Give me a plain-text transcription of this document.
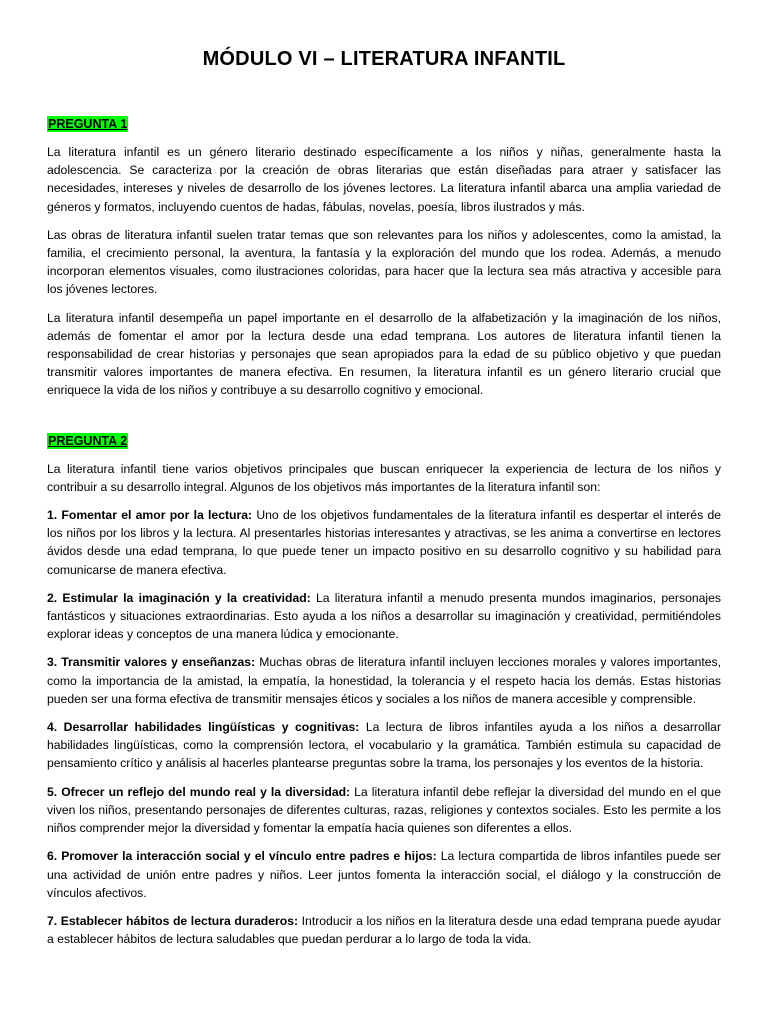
MÓDULO VI – LITERATURA INFANTIL
PREGUNTA 1

La literatura infantil es un género literario destinado específicamente a los niños y niñas, generalmente hasta la adolescencia. Se caracteriza por la creación de obras literarias que están diseñadas para atraer y satisfacer las necesidades, intereses y niveles de desarrollo de los jóvenes lectores. La literatura infantil abarca una amplia variedad de géneros y formatos, incluyendo cuentos de hadas, fábulas, novelas, poesía, libros ilustrados y más.

Las obras de literatura infantil suelen tratar temas que son relevantes para los niños y adolescentes, como la amistad, la familia, el crecimiento personal, la aventura, la fantasía y la exploración del mundo que los rodea. Además, a menudo incorporan elementos visuales, como ilustraciones coloridas, para hacer que la lectura sea más atractiva y accesible para los jóvenes lectores.

La literatura infantil desempeña un papel importante en el desarrollo de la alfabetización y la imaginación de los niños, además de fomentar el amor por la lectura desde una edad temprana. Los autores de literatura infantil tienen la responsabilidad de crear historias y personajes que sean apropiados para la edad de su público objetivo y que puedan transmitir valores importantes de manera efectiva. En resumen, la literatura infantil es un género literario crucial que enriquece la vida de los niños y contribuye a su desarrollo cognitivo y emocional.

PREGUNTA 2

La literatura infantil tiene varios objetivos principales que buscan enriquecer la experiencia de lectura de los niños y contribuir a su desarrollo integral. Algunos de los objetivos más importantes de la literatura infantil son:

1. Fomentar el amor por la lectura: Uno de los objetivos fundamentales de la literatura infantil es despertar el interés de los niños por los libros y la lectura. Al presentarles historias interesantes y atractivas, se les anima a convertirse en lectores ávidos desde una edad temprana, lo que puede tener un impacto positivo en su desarrollo cognitivo y su habilidad para comunicarse de manera efectiva.

2. Estimular la imaginación y la creatividad: La literatura infantil a menudo presenta mundos imaginarios, personajes fantásticos y situaciones extraordinarias. Esto ayuda a los niños a desarrollar su imaginación y creatividad, permitiéndoles explorar ideas y conceptos de una manera lúdica y emocionante.

3. Transmitir valores y enseñanzas: Muchas obras de literatura infantil incluyen lecciones morales y valores importantes, como la importancia de la amistad, la empatía, la honestidad, la tolerancia y el respeto hacia los demás. Estas historias pueden ser una forma efectiva de transmitir mensajes éticos y sociales a los niños de manera accesible y comprensible.

4. Desarrollar habilidades lingüísticas y cognitivas: La lectura de libros infantiles ayuda a los niños a desarrollar habilidades lingüísticas, como la comprensión lectora, el vocabulario y la gramática. También estimula su capacidad de pensamiento crítico y análisis al hacerles plantearse preguntas sobre la trama, los personajes y los eventos de la historia.

5. Ofrecer un reflejo del mundo real y la diversidad: La literatura infantil debe reflejar la diversidad del mundo en el que viven los niños, presentando personajes de diferentes culturas, razas, religiones y contextos sociales. Esto les permite a los niños comprender mejor la diversidad y fomentar la empatía hacia quienes son diferentes a ellos.

6. Promover la interacción social y el vínculo entre padres e hijos: La lectura compartida de libros infantiles puede ser una actividad de unión entre padres y niños. Leer juntos fomenta la interacción social, el diálogo y la construcción de vínculos afectivos.

7. Establecer hábitos de lectura duraderos: Introducir a los niños en la literatura desde una edad temprana puede ayudar a establecer hábitos de lectura saludables que puedan perdurar a lo largo de toda la vida.
